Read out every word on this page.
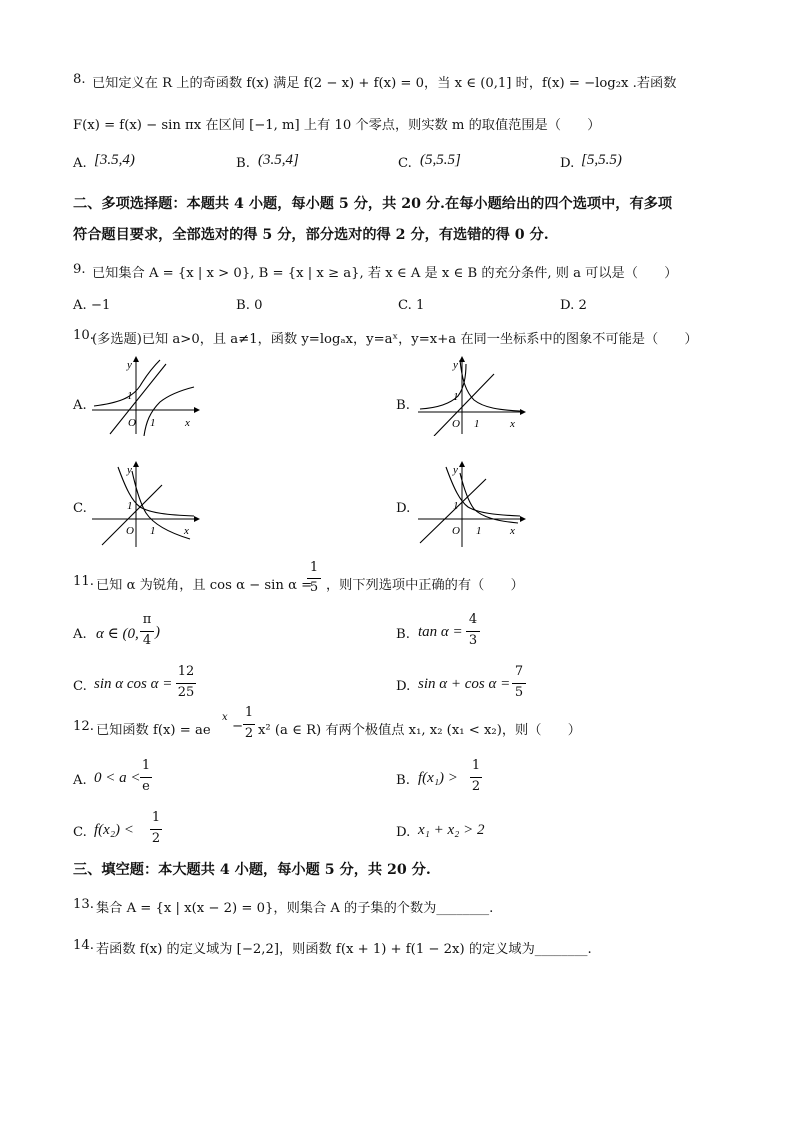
8. 已知定义在 R 上的奇函数 f(x) 满足 f(2 − x) + f(x) = 0，当 x ∈ (0,1] 时，f(x) = −log₂x .若函数
F(x) = f(x) − sin πx 在区间 [−1, m] 上有 10 个零点，则实数 m 的取值范围是（　　）
A. [3.5,4)	B. (3.5,4]	C. (5,5.5]	D. [5,5.5)
二、多项选择题：本题共 4 小题，每小题 5 分，共 20 分.在每小题给出的四个选项中，有多项
符合题目要求，全部选对的得 5 分，部分选对的得 2 分，有选错的得 0 分.
9. 已知集合 A = {x | x > 0}, B = {x | x ≥ a}, 若 x ∈ A 是 x ∈ B 的充分条件, 则 a 可以是（　　）
A. −1	B. 0	C. 1	D. 2
10.
(多选题)已知 a>0，且 a≠1，函数 y=logₐx，y=aˣ，y=x+a 在同一坐标系中的图象不可能是（　　）
A.
1
O 1	x
y
B.
1
O 1	x
y
C.	1
O 1	x
y
D.	1
O 1	x
y
11. 已知 α 为锐角，且 cos α − sin α =
1
5 ，则下列选项中正确的有（　　）
A. α ∈ (0,
π
4
)	B. tan α =
4
3
C. sin α cos α =
12
25	D. sin α + cos α =
7
5
12. 已知函数 f(x) = ae
x
−
1
2 x² (a ∈ R) 有两个极值点 x₁, x₂ (x₁ < x₂)，则（　　）
A. 0 < a <
1
e	B. f(x₁) >
1
2
C. f(x₂) <
1
2	D. x₁ + x₂ > 2
三、填空题：本大题共 4 小题，每小题 5 分，共 20 分.
13. 集合 A = {x | x(x − 2) = 0}，则集合 A 的子集的个数为________.
14. 若函数 f(x) 的定义域为 [−2,2]，则函数 f(x + 1) + f(1 − 2x) 的定义域为________.
